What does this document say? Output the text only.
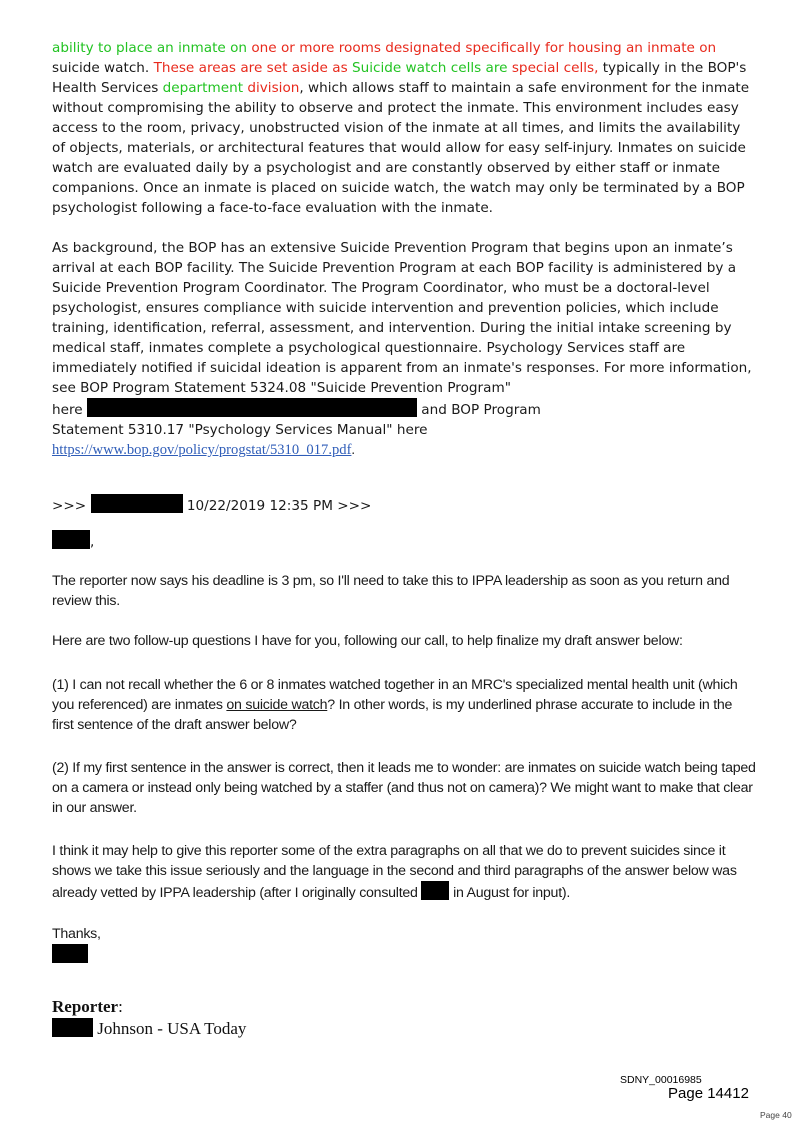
ability to place an inmate on one or more rooms designated specifically for housing an inmate on suicide watch. These areas are set aside as Suicide watch cells are special cells, typically in the BOP's Health Services department division, which allows staff to maintain a safe environment for the inmate without compromising the ability to observe and protect the inmate. This environment includes easy access to the room, privacy, unobstructed vision of the inmate at all times, and limits the availability of objects, materials, or architectural features that would allow for easy self-injury. Inmates on suicide watch are evaluated daily by a psychologist and are constantly observed by either staff or inmate companions. Once an inmate is placed on suicide watch, the watch may only be terminated by a BOP psychologist following a face-to-face evaluation with the inmate.

As background, the BOP has an extensive Suicide Prevention Program that begins upon an inmate’s arrival at each BOP facility. The Suicide Prevention Program at each BOP facility is administered by a Suicide Prevention Program Coordinator. The Program Coordinator, who must be a doctoral-level psychologist, ensures compliance with suicide intervention and prevention policies, which include training, identification, referral, assessment, and intervention. During the initial intake screening by medical staff, inmates complete a psychological questionnaire. Psychology Services staff are immediately notified if suicidal ideation is apparent from an inmate's responses. For more information, see BOP Program Statement 5324.08 "Suicide Prevention Program"
here	and BOP Program
Statement 5310.17 "Psychology Services Manual" here
https://www.bop.gov/policy/progstat/5310_017.pdf.

>>>	10/22/2019 12:35 PM >>>

,

The reporter now says his deadline is 3 pm, so I'll need to take this to IPPA leadership as soon as you return and review this.

Here are two follow-up questions I have for you, following our call, to help finalize my draft answer below:

(1) I can not recall whether the 6 or 8 inmates watched together in an MRC's specialized mental health unit (which you referenced) are inmates on suicide watch? In other words, is my underlined phrase accurate to include in the first sentence of the draft answer below?

(2) If my first sentence in the answer is correct, then it leads me to wonder: are inmates on suicide watch being taped on a camera or instead only being watched by a staffer (and thus not on camera)? We might want to make that clear in our answer.

I think it may help to give this reporter some of the extra paragraphs on all that we do to prevent suicides since it shows we take this issue seriously and the language in the second and third paragraphs of the answer below was already vetted by IPPA leadership (after I originally consulted  in August for input).

Thanks,

Reporter:
Johnson - USA Today
SDNY_00016985
Page 14412
Page 40
